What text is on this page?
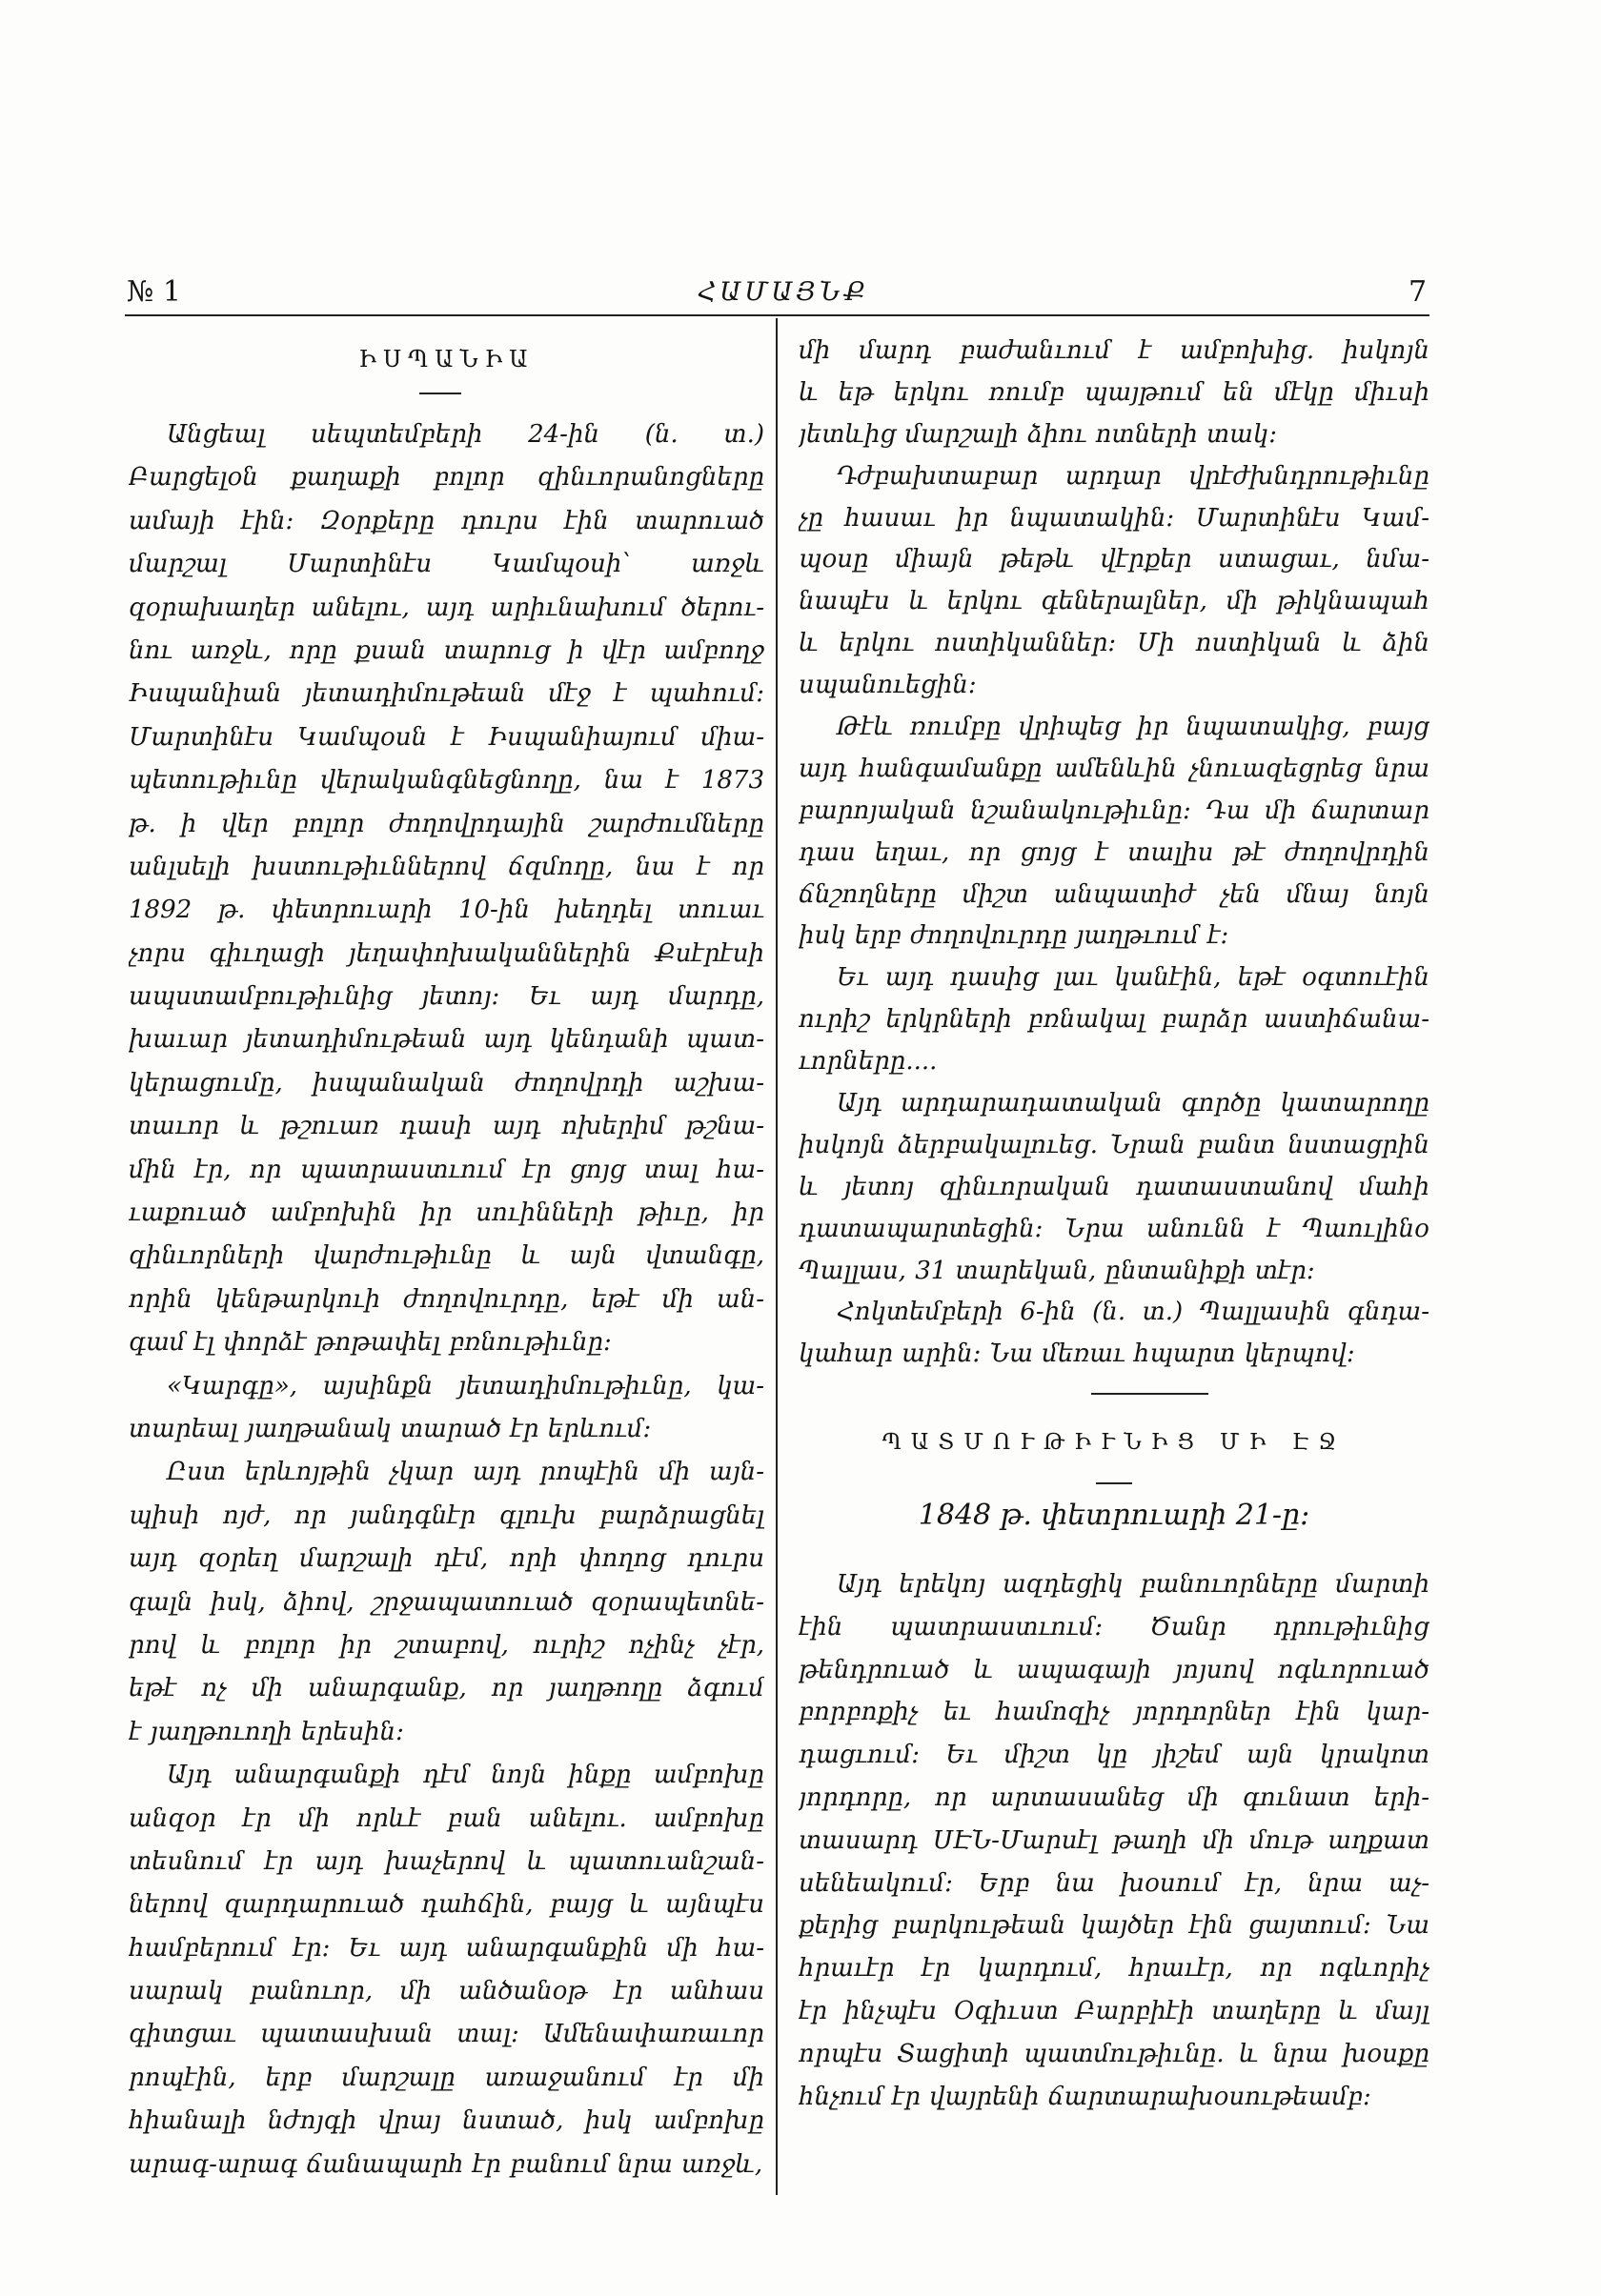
№ 1	ՀԱՄԱՅՆՔ	7
ԻՍՊԱՆԻԱ
Անցեալ սեպտեմբերի 24-ին (ն. տ.)
Բարցելօն քաղաքի բոլոր զինւորանոցները
ամայի էին: Զօրքերը դուրս էին տարուած
մարշալ Մարտինէս Կամպօսի՝ առջև
զօրախաղեր անելու, այդ արիւնախում ծերու-
նու առջև, որը քսան տարուց ի վէր ամբողջ
Իսպանիան յետադիմութեան մէջ է պահում:
Մարտինէս Կամպօսն է Իսպանիայում միա-
պետութիւնը վերականգնեցնողը, նա է 1873
թ. ի վեր բոլոր ժողովրդային շարժումները
անլսելի խստութիւններով ճզմողը, նա է որ
1892 թ. փետրուարի 10-ին խեղդել տուաւ
չորս գիւղացի յեղափոխականներին Քսէրէսի
ապստամբութիւնից յետոյ: Եւ այդ մարդը,
խաւար յետադիմութեան այդ կենդանի պատ-
կերացումը, իսպանական ժողովրդի աշխա-
տաւոր և թշուառ դասի այդ ոխերիմ թշնա-
մին էր, որ պատրաստւում էր ցոյց տալ հա-
ւաքուած ամբոխին իր սուինների թիւը, իր
զինւորների վարժութիւնը և այն վտանգը,
որին կենթարկուի ժողովուրդը, եթէ մի ան-
գամ էլ փորձէ թոթափել բռնութիւնը:
«Կարգը», այսինքն յետադիմութիւնը, կա-
տարեալ յաղթանակ տարած էր երևում:
Ըստ երևոյթին չկար այդ րոպէին մի այն-
պիսի ոյժ, որ յանդգնէր գլուխ բարձրացնել
այդ զօրեղ մարշալի դէմ, որի փողոց դուրս
գալն իսկ, ձիով, շրջապատուած զօրապետնե-
րով և բոլոր իր շտաբով, ուրիշ ոչինչ չէր,
եթէ ոչ մի անարգանք, որ յաղթողը ձգում
է յաղթուողի երեսին:
Այդ անարգանքի դէմ նոյն ինքը ամբոխը
անզօր էր մի որևէ բան անելու. ամբոխը
տեսնում էր այդ խաչերով և պատուանշան-
ներով զարդարուած դահճին, բայց և այնպէս
համբերում էր: Եւ այդ անարգանքին մի հա-
սարակ բանուոր, մի անծանօթ էր անհաս
գիտցաւ պատասխան տալ: Ամենափառաւոր
րոպէին, երբ մարշալը առաջանում էր մի
հիանալի նժոյգի վրայ նստած, իսկ ամբոխը
արագ-արագ ճանապարհ էր բանում նրա առջև,
մի մարդ բաժանւում է ամբոխից. իսկոյն
և եթ երկու ռումբ պայթում են մէկը միւսի
յետևից մարշալի ձիու ոտների տակ:
Դժբախտաբար արդար վրէժխնդրութիւնը
չը հասաւ իր նպատակին: Մարտինէս Կամ-
պօսը միայն թեթև վէրքեր ստացաւ, նմա-
նապէս և երկու գեներալներ, մի թիկնապահ
և երկու ոստիկաններ: Մի ոստիկան և ձին
սպանուեցին:
Թէև ռումբը վրիպեց իր նպատակից, բայց
այդ հանգամանքը ամենևին չնուազեցրեց նրա
բարոյական նշանակութիւնը: Դա մի ճարտար
դաս եղաւ, որ ցոյց է տալիս թէ ժողովրդին
ճնշողները միշտ անպատիժ չեն մնայ նոյն
իսկ երբ ժողովուրդը յաղթւում է:
Եւ այդ դասից լաւ կանէին, եթէ օգտուէին
ուրիշ երկրների բռնակալ բարձր աստիճանա-
ւորները....
Այդ արդարադատական գործը կատարողը
իսկոյն ձերբակալուեց. Նրան բանտ նստացրին
և յետոյ զինւորական դատաստանով մահի
դատապարտեցին: Նրա անունն է Պաուլինօ
Պալլաս, 31 տարեկան, ընտանիքի տէր:
Հոկտեմբերի 6-ին (ն. տ.) Պալլասին գնդա-
կահար արին: Նա մեռաւ հպարտ կերպով:
ՊԱՏՄՈՒԹԻՒՆԻՑ ՄԻ ԷՋ
1848 թ. փետրուարի 21-ը:
Այդ երեկոյ ազդեցիկ բանուորները մարտի
էին պատրաստւում: Ծանր դրութիւնից
թենդրուած և ապագայի յոյսով ոգևորուած
բորբոքիչ եւ համոզիչ յորդորներ էին կար-
դացւում: Եւ միշտ կը յիշեմ այն կրակոտ
յորդորը, որ արտասանեց մի գունատ երի-
տասարդ ՍԷՆ-Մարսէլ թաղի մի մութ աղքատ
սենեակում: Երբ նա խօսում էր, նրա աչ-
քերից բարկութեան կայծեր էին ցայտում: Նա
հրաւէր էր կարդում, հրաւէր, որ ոգևորիչ
էր ինչպէս Օգիւստ Բարբիէի տաղերը և մայլ
որպէս Տացիտի պատմութիւնը. և նրա խօսքը
հնչում էր վայրենի ճարտարախօսութեամբ:
